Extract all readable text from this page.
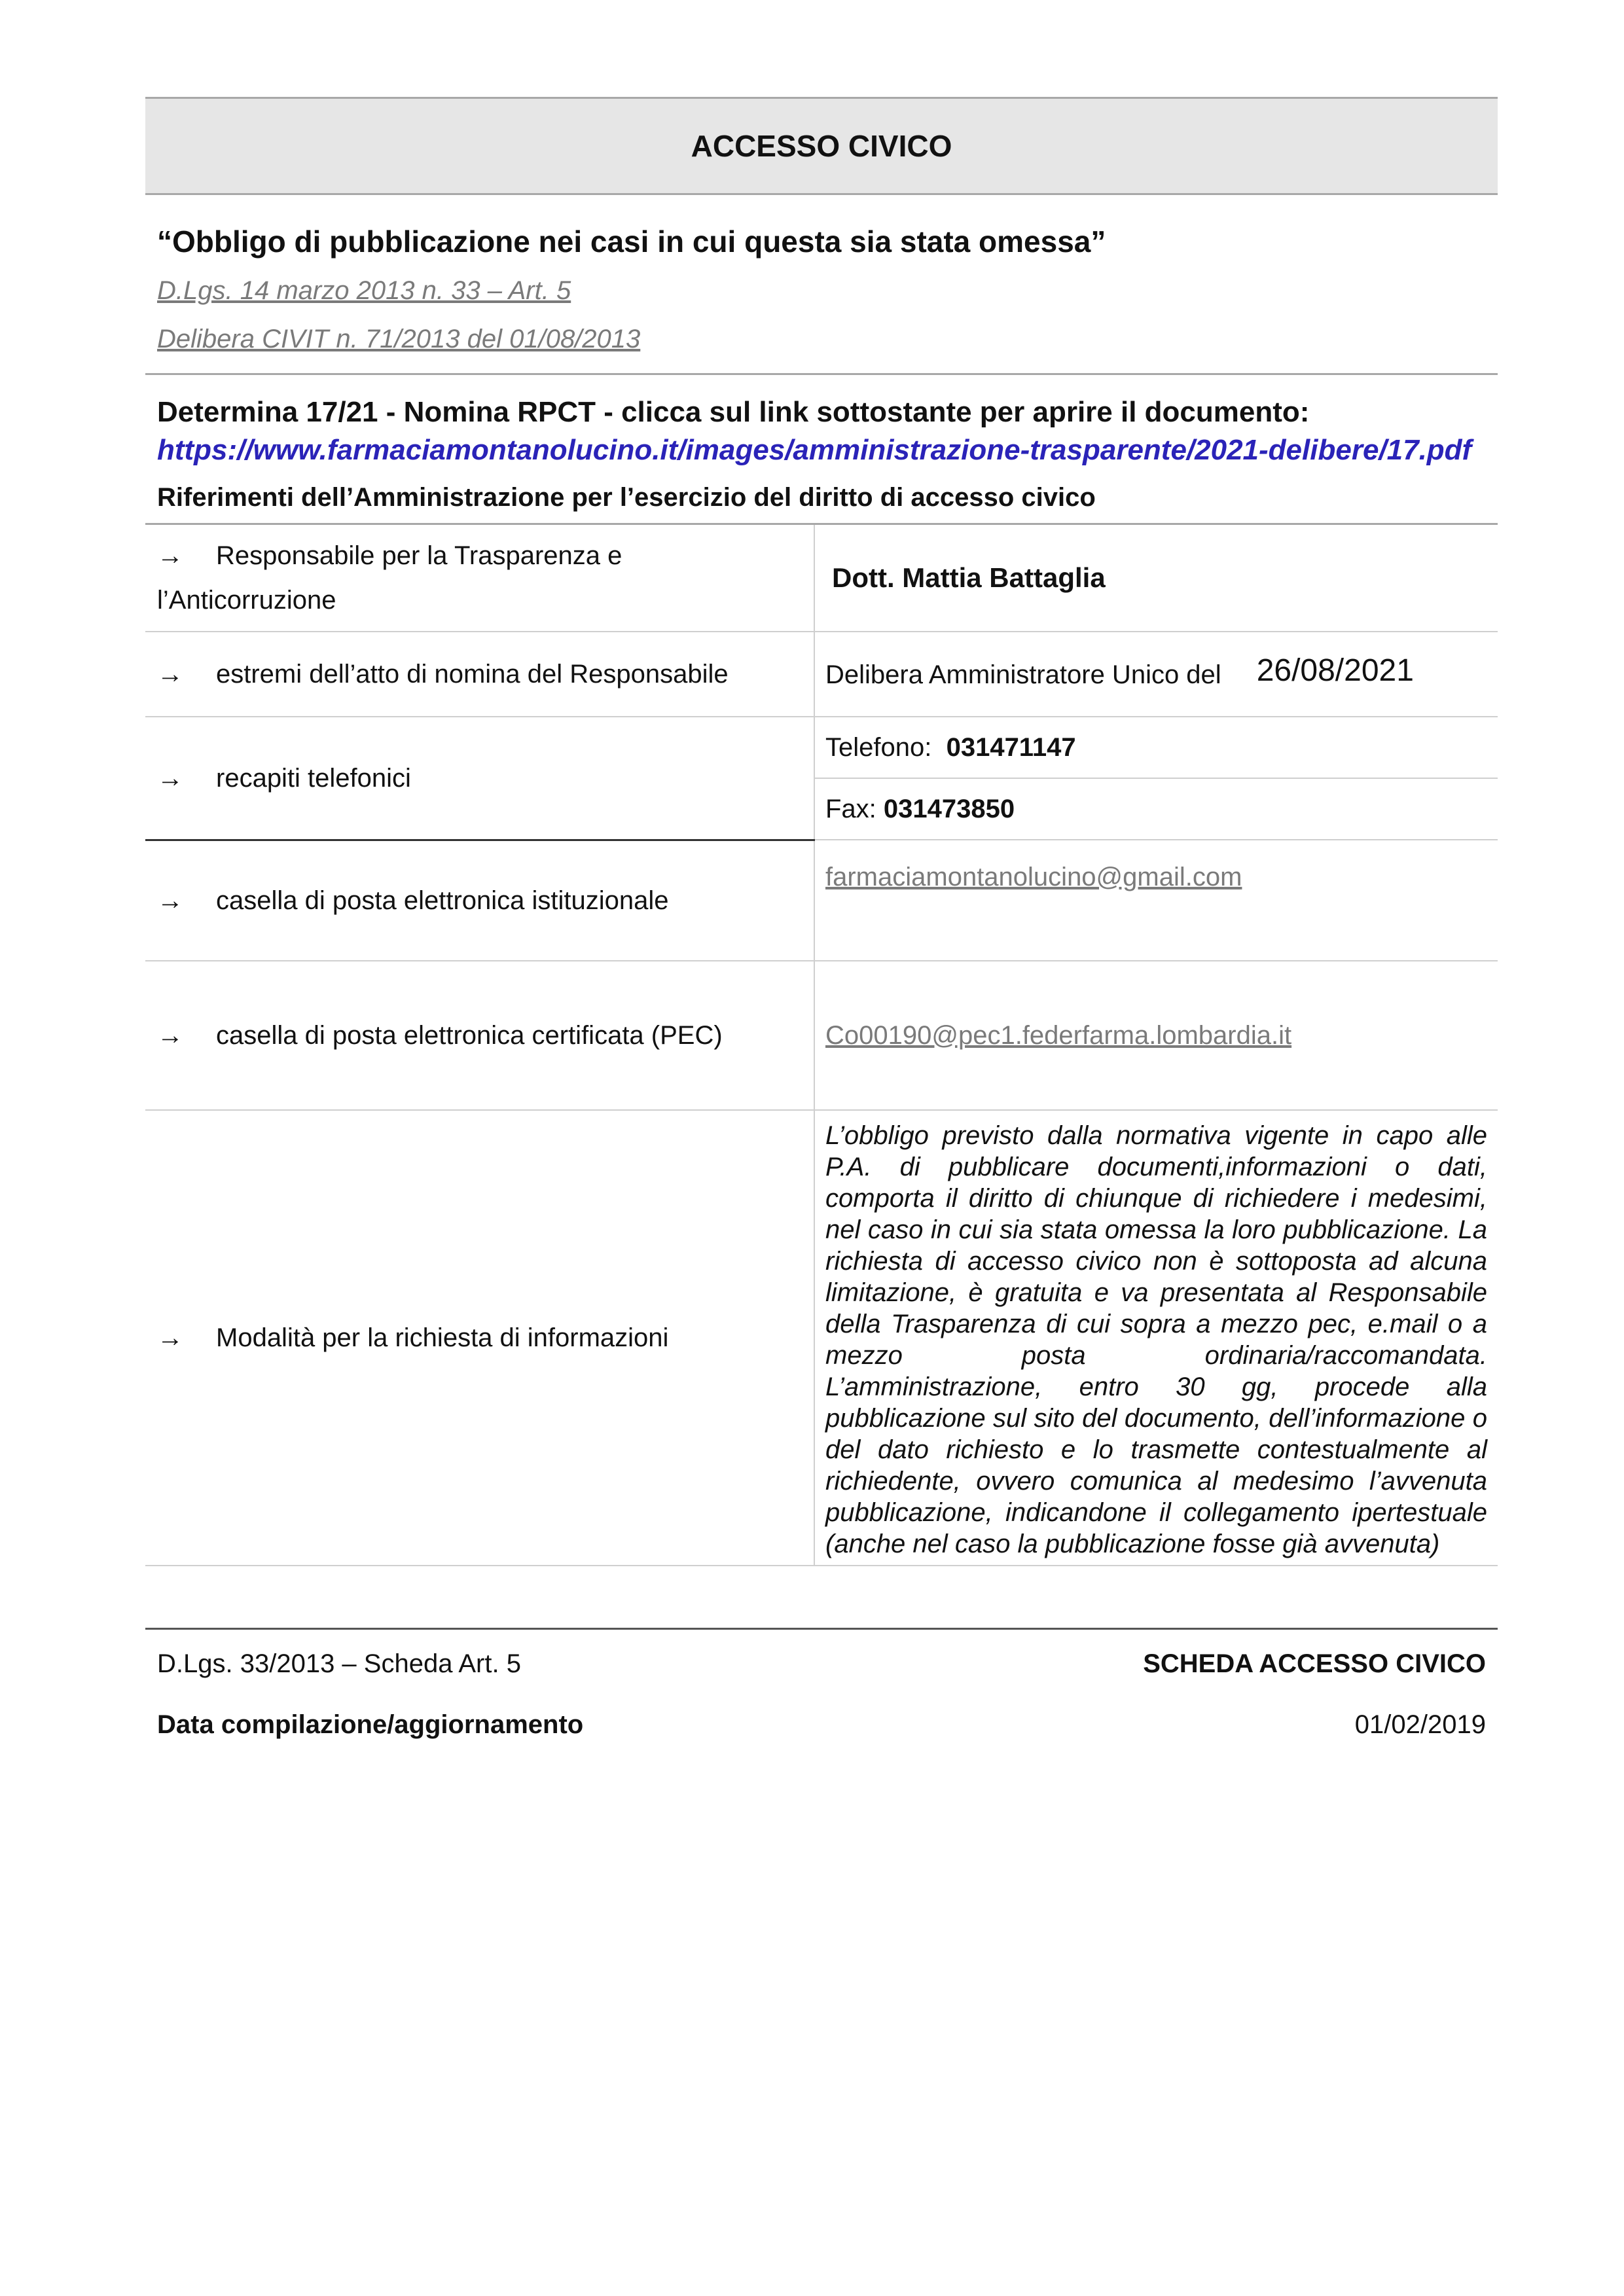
ACCESSO CIVICO
“Obbligo di pubblicazione nei casi in cui questa sia stata omessa”
D.Lgs. 14 marzo 2013 n. 33 – Art. 5
Delibera CIVIT n. 71/2013 del 01/08/2013
Determina 17/21 - Nomina RPCT - clicca sul link sottostante per aprire il documento:
https://www.farmaciamontanolucino.it/images/amministrazione-trasparente/2021-delibere/17.pdf
Riferimenti dell’Amministrazione per l’esercizio del diritto di accesso civico
→ Responsabile per la Trasparenza e
l’Anticorruzione	Dott. Mattia Battaglia
→ estremi dell’atto di nomina del Responsabile	Delibera Amministratore Unico del 26/08/2021
→ recapiti telefonici	Telefono: 031471147
	Fax: 031473850
→ casella di posta elettronica istituzionale	farmaciamontanolucino@gmail.com
→ casella di posta elettronica certificata (PEC)	Co00190@pec1.federfarma.lombardia.it
→ Modalità per la richiesta di informazioni	L’obbligo previsto dalla normativa vigente in capo alle P.A. di pubblicare documenti,informazioni o dati, comporta il diritto di chiunque di richiedere i medesimi, nel caso in cui sia stata omessa la loro pubblicazione. La richiesta di accesso civico non è sottoposta ad alcuna limitazione, è gratuita e va presentata al Responsabile della Trasparenza di cui sopra a mezzo pec, e.mail o a mezzo posta ordinaria/raccomandata. L’amministrazione, entro 30 gg, procede alla pubblicazione sul sito del documento, dell’informazione o del dato richiesto e lo trasmette contestualmente al richiedente, ovvero comunica al medesimo l’avvenuta pubblicazione, indicandone il collegamento ipertestuale (anche nel caso la pubblicazione fosse già avvenuta)
D.Lgs. 33/2013 – Scheda Art. 5	SCHEDA ACCESSO CIVICO
Data compilazione/aggiornamento	01/02/2019
